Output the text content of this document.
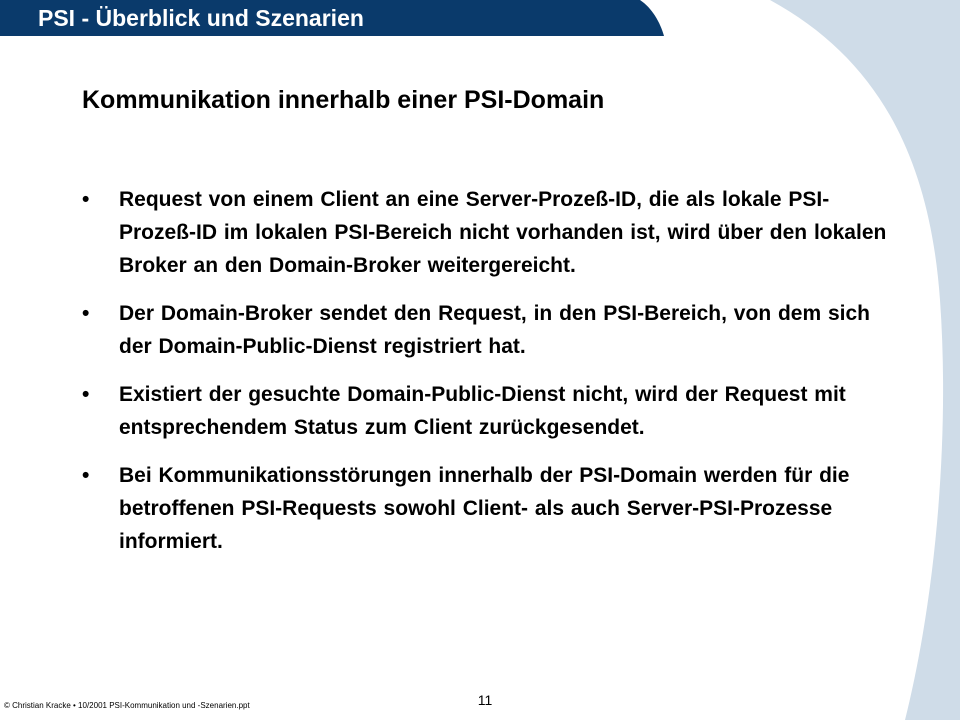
PSI - Überblick und Szenarien
Kommunikation innerhalb einer PSI-Domain
•	Request von einem Client an eine Server-Prozeß-ID, die als lokale PSI-Prozeß-ID im lokalen PSI-Bereich nicht vorhanden ist, wird über den lokalen Broker an den Domain-Broker weitergereicht.
•	Der Domain-Broker sendet den Request, in den PSI-Bereich, von dem sich der Domain-Public-Dienst registriert hat.
•	Existiert der gesuchte Domain-Public-Dienst nicht, wird der Request mit entsprechendem Status zum Client zurückgesendet.
•	Bei Kommunikationsstörungen innerhalb der PSI-Domain werden für die betroffenen PSI-Requests sowohl Client- als auch Server-PSI-Prozesse informiert.
11
© Christian Kracke • 10/2001 PSI-Kommunikation und -Szenarien.ppt
